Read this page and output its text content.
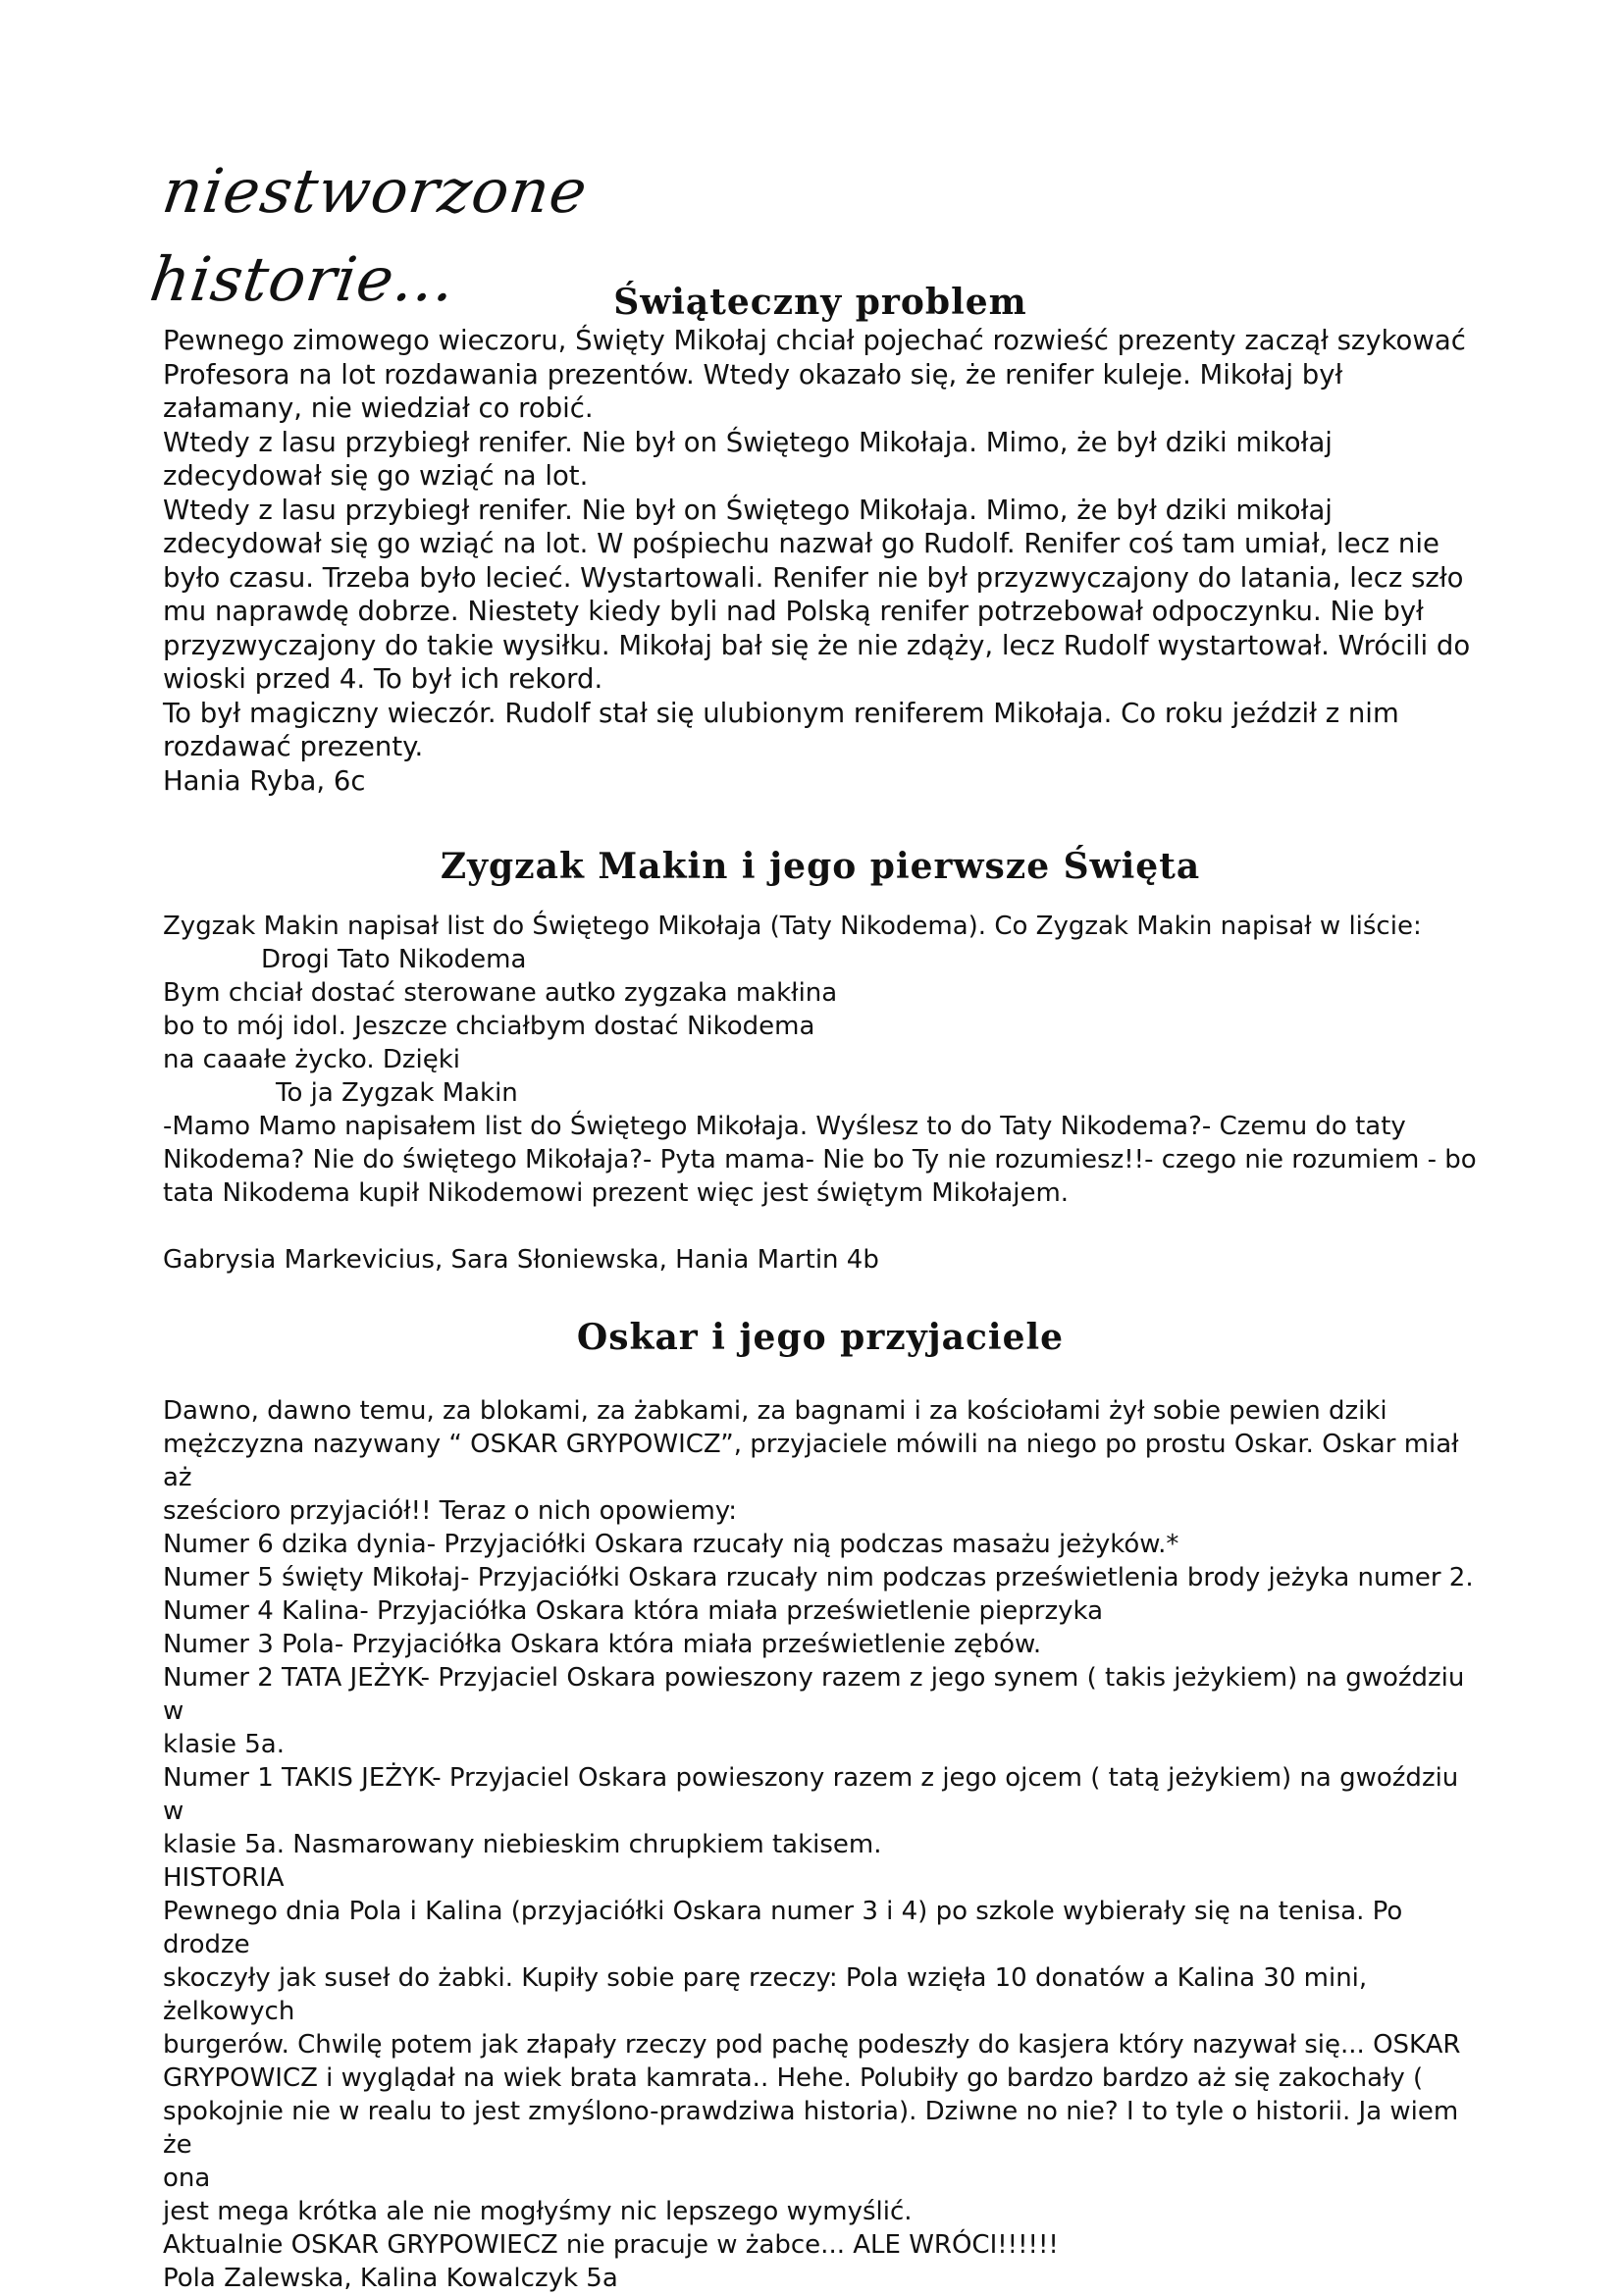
niestworzone historie...	Świąteczny problem

Pewnego zimowego wieczoru, Święty Mikołaj chciał pojechać rozwieść prezenty zaczął szykować

Profesora na lot rozdawania prezentów. Wtedy okazało się, że renifer kuleje. Mikołaj był

załamany, nie wiedział co robić.

Wtedy z lasu przybiegł renifer. Nie był on Świętego Mikołaja. Mimo, że był dziki mikołaj

zdecydował się go wziąć na lot.

Wtedy z lasu przybiegł renifer. Nie był on Świętego Mikołaja. Mimo, że był dziki mikołaj

zdecydował się go wziąć na lot. W pośpiechu nazwał go Rudolf. Renifer coś tam umiał, lecz nie

było czasu. Trzeba było lecieć. Wystartowali. Renifer nie był przyzwyczajony do latania, lecz szło

mu naprawdę dobrze. Niestety kiedy byli nad Polską renifer potrzebował odpoczynku. Nie był

przyzwyczajony do takie wysiłku. Mikołaj bał się że nie zdąży, lecz Rudolf wystartował. Wrócili do

wioski przed 4. To był ich rekord.

To był magiczny wieczór. Rudolf stał się ulubionym reniferem Mikołaja. Co roku jeździł z nim

rozdawać prezenty.

Hania Ryba, 6c

Zygzak Makin i jego pierwsze Święta

Zygzak Makin napisał list do Świętego Mikołaja (Taty Nikodema). Co Zygzak Makin napisał w liście:

Drogi Tato Nikodema

Bym chciał dostać sterowane autko zygzaka makłina

bo to mój idol. Jeszcze chciałbym dostać Nikodema

na caaałe życko. Dzięki

To ja Zygzak Makin

-Mamo Mamo napisałem list do Świętego Mikołaja. Wyślesz to do Taty Nikodema?- Czemu do taty

Nikodema? Nie do świętego Mikołaja?- Pyta mama- Nie bo Ty nie rozumiesz!!- czego nie rozumiem - bo

tata Nikodema kupił Nikodemowi prezent więc jest świętym Mikołajem.

Gabrysia Markevicius, Sara Słoniewska, Hania Martin 4b

Oskar i jego przyjaciele

Dawno, dawno temu, za blokami, za żabkami, za bagnami i za kościołami żył sobie pewien dziki

mężczyzna nazywany “ OSKAR GRYPOWICZ”, przyjaciele mówili na niego po prostu Oskar. Oskar miał aż

sześcioro przyjaciół!! Teraz o nich opowiemy:

Numer 6 dzika dynia- Przyjaciółki Oskara rzucały nią podczas masażu jeżyków.*

Numer 5 święty Mikołaj- Przyjaciółki Oskara rzucały nim podczas prześwietlenia brody jeżyka numer 2.

Numer 4 Kalina- Przyjaciółka Oskara która miała prześwietlenie pieprzyka

Numer 3 Pola- Przyjaciółka Oskara która miała prześwietlenie zębów.

Numer 2 TATA JEŻYK- Przyjaciel Oskara powieszony razem z jego synem ( takis jeżykiem) na gwoździu w

klasie 5a.

Numer 1 TAKIS JEŻYK- Przyjaciel Oskara powieszony razem z jego ojcem ( tatą jeżykiem) na gwoździu w

klasie 5a. Nasmarowany niebieskim chrupkiem takisem.

HISTORIA

Pewnego dnia Pola i Kalina (przyjaciółki Oskara numer 3 i 4) po szkole wybierały się na tenisa. Po drodze

skoczyły jak suseł do żabki. Kupiły sobie parę rzeczy: Pola wzięła 10 donatów a Kalina 30 mini, żelkowych

burgerów. Chwilę potem jak złapały rzeczy pod pachę podeszły do kasjera który nazywał się... OSKAR

GRYPOWICZ i wyglądał na wiek brata kamrata.. Hehe. Polubiły go bardzo bardzo aż się zakochały (

spokojnie nie w realu to jest zmyślono-prawdziwa historia). Dziwne no nie? I to tyle o historii. Ja wiem że

ona

jest mega krótka ale nie mogłyśmy nic lepszego wymyślić.

Aktualnie OSKAR GRYPOWIECZ nie pracuje w żabce... ALE WRÓCI!!!!!!

Pola Zalewska, Kalina Kowalczyk 5a
